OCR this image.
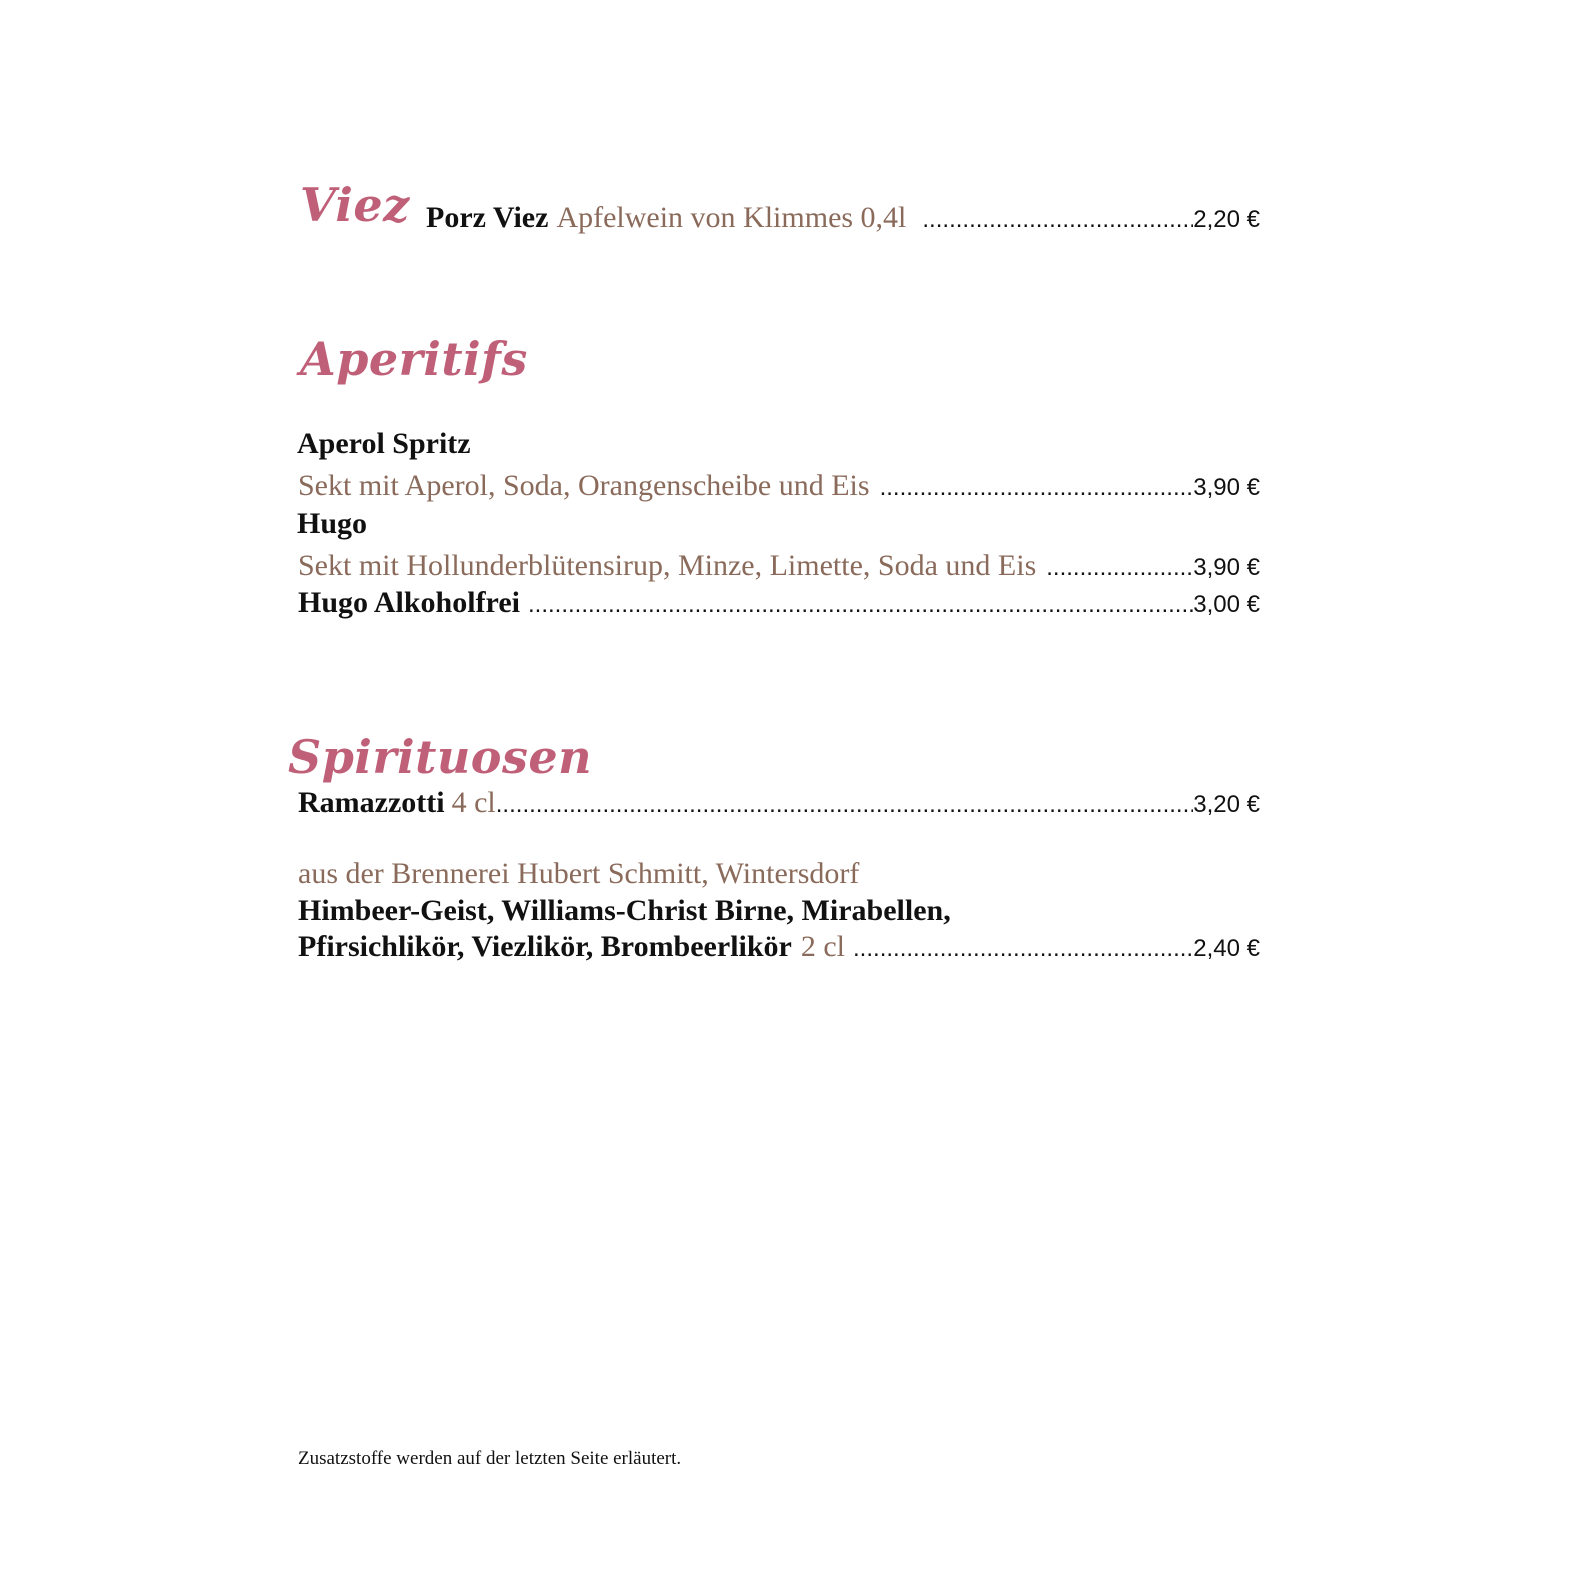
Viez Porz Viez Apfelwein von Klimmes 0,4l .....	2,20 €
Aperitifs
Aperol Spritz
Sekt mit Aperol, Soda, Orangenscheibe und Eis .....	3,90 €
Hugo
Sekt mit Hollunderblütensirup, Minze, Limette, Soda und Eis .....	3,90 €
Hugo Alkoholfrei .....	3,00 €
Spirituosen
Ramazzotti 4 cl .....	3,20 €
aus der Brennerei Hubert Schmitt, Wintersdorf
Himbeer-Geist, Williams-Christ Birne, Mirabellen,
Pfirsichlikör, Viezlikör, Brombeerlikör 2 cl .....	2,40 €
Zusatzstoffe werden auf der letzten Seite erläutert.
